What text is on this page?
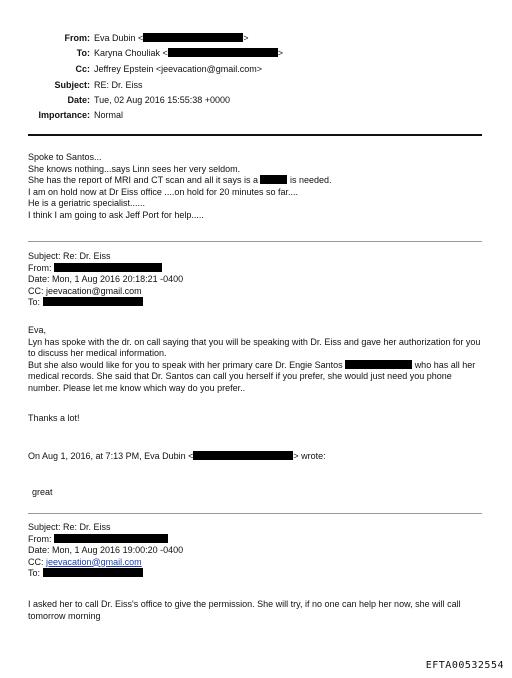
From: Eva Dubin <	>
To: Karyna Chouliak <	>
Cc: Jeffrey Epstein <jeevacation@gmail.com>
Subject: RE: Dr. Eiss
Date: Tue, 02 Aug 2016 15:55:38 +0000
Importance: Normal

Spoke to Santos...

She knows nothing...says Linn sees her very seldom.

She has the report of MRI and CT scan and all it says is a	is needed.

I am on hold now at Dr Eiss office ....on hold for 20 minutes so far....

He is a geriatric specialist......

I think I am going to ask Jeff Port for help.....

Subject: Re: Dr. Eiss

From:

Date: Mon, 1 Aug 2016 20:18:21 -0400

CC: jeevacation@gmail.com

To:

Eva,

Lyn has spoke with the dr. on call saying that you will be speaking with Dr. Eiss and gave her authorization for you to discuss her medical information.

But she also would like for you to speak with her primary care Dr. Engie Santos	who has all her medical records. She said that Dr. Santos can call you herself if you prefer, she would just need you phone number. Please let me know which way do you prefer..

Thanks a lot!

On Aug 1, 2016, at 7:13 PM, Eva Dubin <	> wrote:

great

Subject: Re: Dr. Eiss

From:

Date: Mon, 1 Aug 2016 19:00:20 -0400

CC: jeevacation@gmail.com

To:

I asked her to call Dr. Eiss's office to give the permission. She will try, if no one can help her now, she will call tomorrow morning

EFTA00532554
